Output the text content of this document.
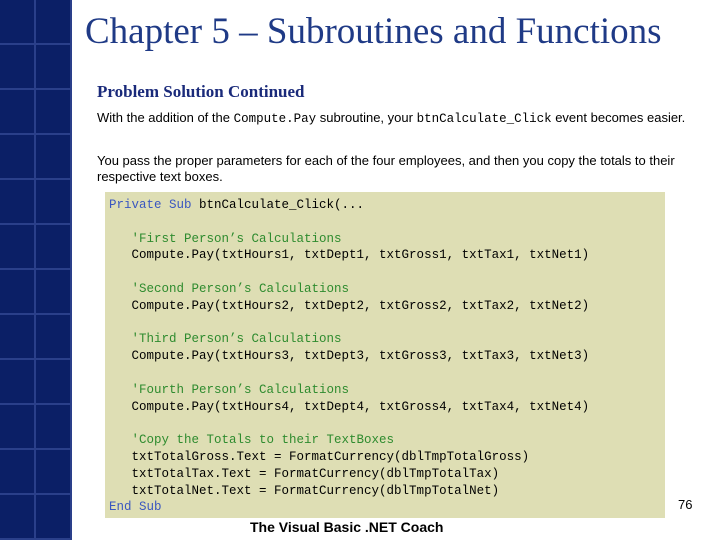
Chapter 5 – Subroutines and Functions
Problem Solution Continued
With the addition of the Compute.Pay subroutine, your btnCalculate_Click event becomes easier.
You pass the proper parameters for each of the four employees, and then you copy the totals to their respective text boxes.
Private Sub btnCalculate_Click(...

'First Person’s Calculations
Compute.Pay(txtHours1, txtDept1, txtGross1, txtTax1, txtNet1)

'Second Person’s Calculations
Compute.Pay(txtHours2, txtDept2, txtGross2, txtTax2, txtNet2)

'Third Person’s Calculations
Compute.Pay(txtHours3, txtDept3, txtGross3, txtTax3, txtNet3)

'Fourth Person’s Calculations
Compute.Pay(txtHours4, txtDept4, txtGross4, txtTax4, txtNet4)

'Copy the Totals to their TextBoxes
txtTotalGross.Text = FormatCurrency(dblTmpTotalGross)
txtTotalTax.Text = FormatCurrency(dblTmpTotalTax)
txtTotalNet.Text = FormatCurrency(dblTmpTotalNet)
End Sub	76
The Visual Basic .NET Coach
